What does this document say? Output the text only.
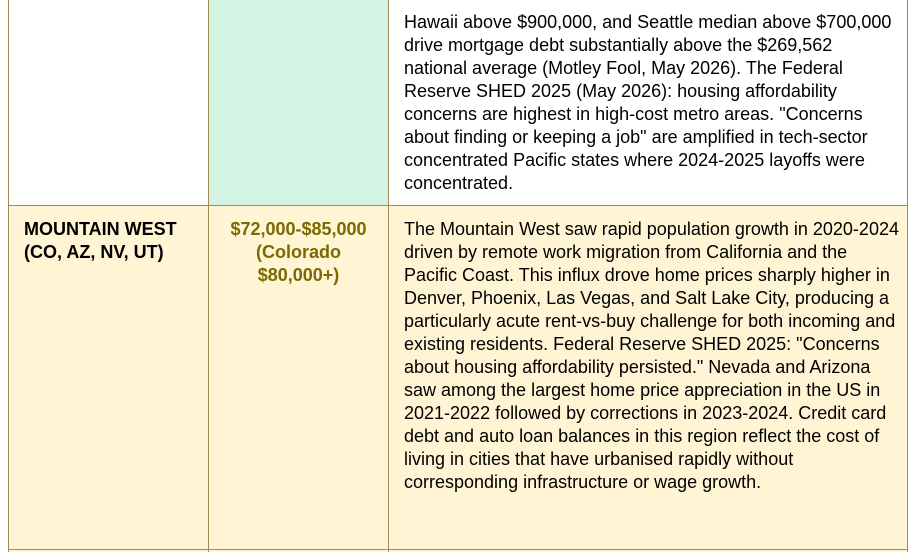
Hawaii above $900,000, and Seattle median above $700,000 drive mortgage debt substantially above the $269,562 national average (Motley Fool, May 2026). The Federal Reserve SHED 2025 (May 2026): housing affordability concerns are highest in high-cost metro areas. "Concerns about finding or keeping a job" are amplified in tech-sector concentrated Pacific states where 2024-2025 layoffs were concentrated.
MOUNTAIN WEST (CO, AZ, NV, UT)
$72,000-$85,000 (Colorado $80,000+)
The Mountain West saw rapid population growth in 2020-2024 driven by remote work migration from California and the Pacific Coast. This influx drove home prices sharply higher in Denver, Phoenix, Las Vegas, and Salt Lake City, producing a particularly acute rent-vs-buy challenge for both incoming and existing residents. Federal Reserve SHED 2025: "Concerns about housing affordability persisted." Nevada and Arizona saw among the largest home price appreciation in the US in 2021-2022 followed by corrections in 2023-2024. Credit card debt and auto loan balances in this region reflect the cost of living in cities that have urbanised rapidly without corresponding infrastructure or wage growth.
